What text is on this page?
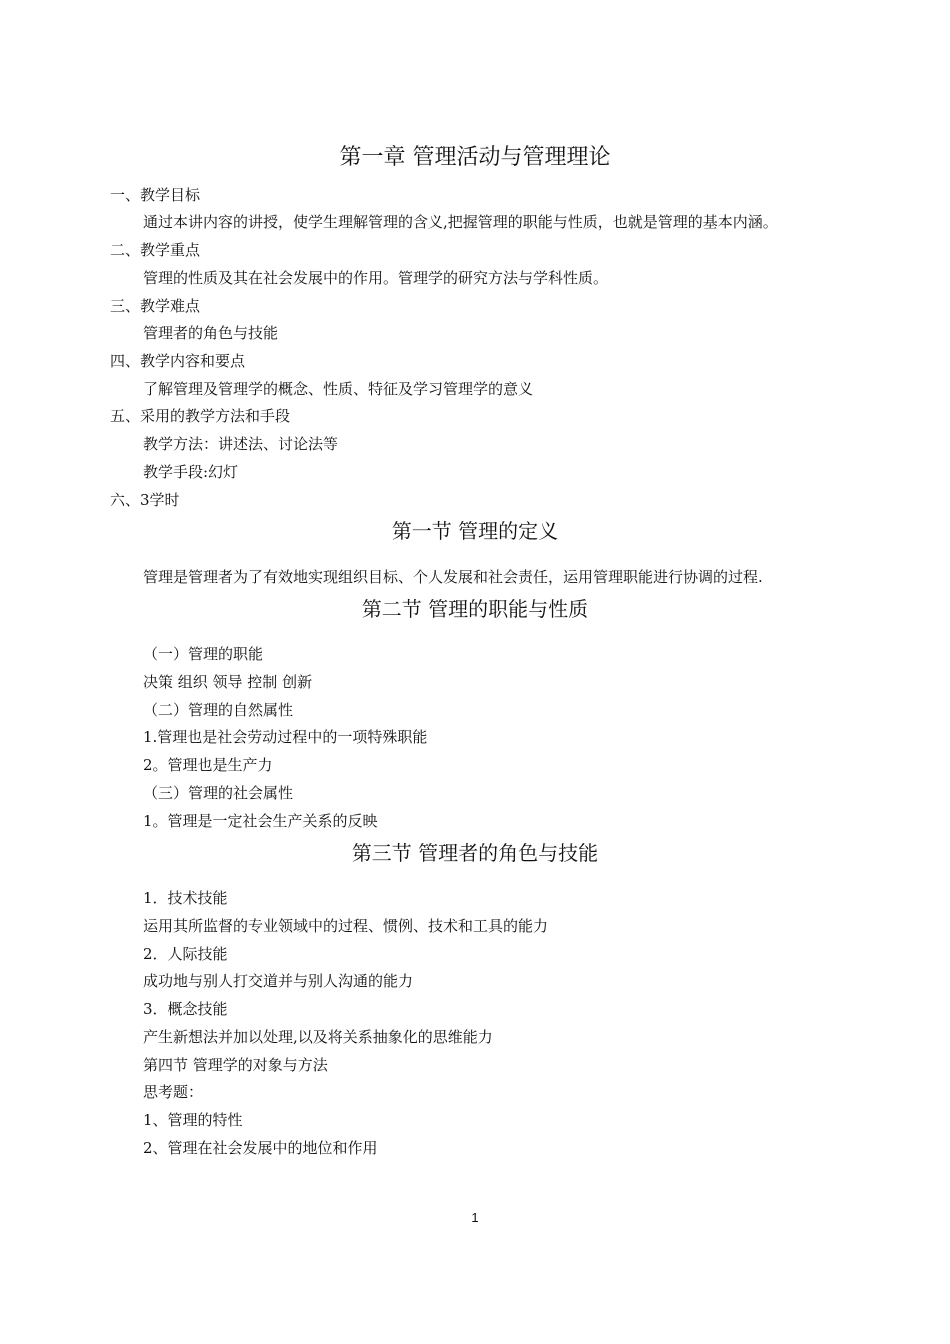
第一章 管理活动与管理理论
一、教学目标
通过本讲内容的讲授，使学生理解管理的含义,把握管理的职能与性质，也就是管理的基本内涵。
二、教学重点
管理的性质及其在社会发展中的作用。管理学的研究方法与学科性质。
三、教学难点
管理者的角色与技能
四、教学内容和要点
了解管理及管理学的概念、性质、特征及学习管理学的意义
五、采用的教学方法和手段
教学方法：讲述法、讨论法等
教学手段:幻灯
六、3学时
第一节 管理的定义
管理是管理者为了有效地实现组织目标、个人发展和社会责任，运用管理职能进行协调的过程.
第二节 管理的职能与性质
（一）管理的职能
决策 组织 领导 控制 创新
（二）管理的自然属性
1.管理也是社会劳动过程中的一项特殊职能
2。管理也是生产力
（三）管理的社会属性
1。管理是一定社会生产关系的反映
第三节 管理者的角色与技能
1．技术技能
运用其所监督的专业领域中的过程、惯例、技术和工具的能力
2．人际技能
成功地与别人打交道并与别人沟通的能力
3．概念技能
产生新想法并加以处理,以及将关系抽象化的思维能力
第四节 管理学的对象与方法
思考题：
1、管理的特性
2、管理在社会发展中的地位和作用
1
